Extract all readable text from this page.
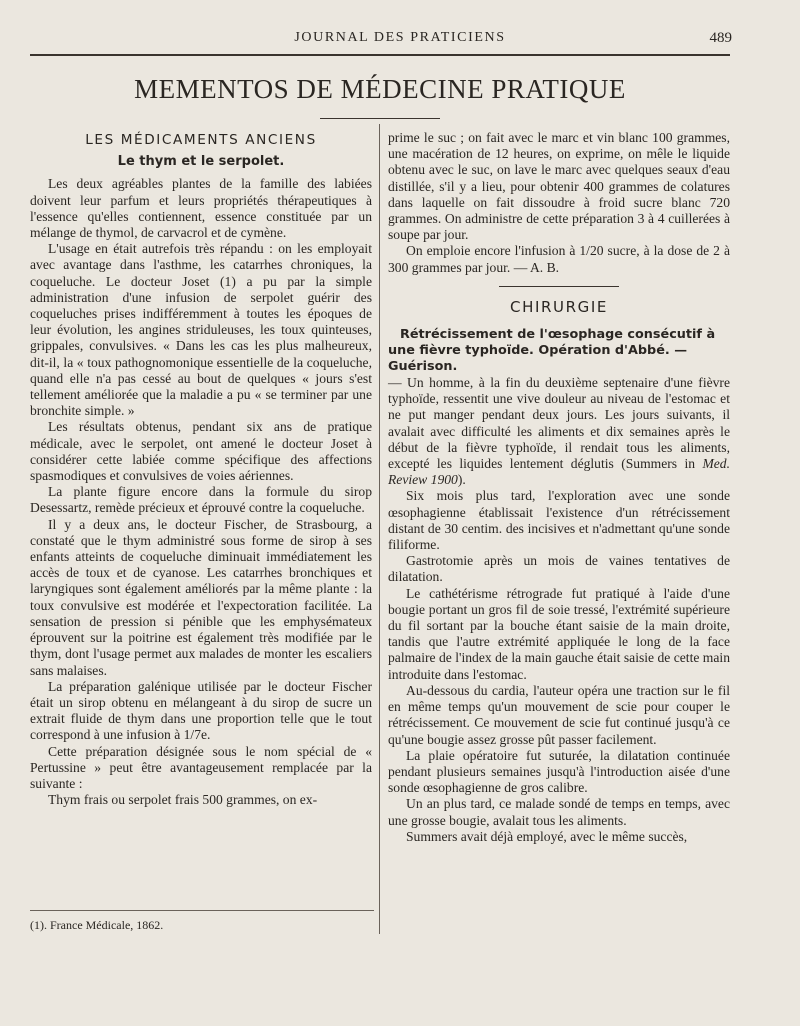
JOURNAL DES PRATICIENS	489
MEMENTOS DE MÉDECINE PRATIQUE
LES MÉDICAMENTS ANCIENS
Le thym et le serpolet.

Les deux agréables plantes de la famille des labiées doivent leur parfum et leurs propriétés thérapeutiques à l'essence qu'elles contiennent, essence constituée par un mélange de thymol, de carvacrol et de cymène.

L'usage en était autrefois très répandu : on les employait avec avantage dans l'asthme, les catarrhes chroniques, la coqueluche. Le docteur Joset (1) a pu par la simple administration d'une infusion de serpolet guérir des coqueluches prises indifféremment à toutes les époques de leur évolution, les angines striduleuses, les toux quinteuses, grippales, convulsives. « Dans les cas les plus malheureux, dit-il, la « toux pathognomonique essentielle de la coqueluche, quand elle n'a pas cessé au bout de quelques « jours s'est tellement améliorée que la maladie a pu « se terminer par une bronchite simple. »

Les résultats obtenus, pendant six ans de pratique médicale, avec le serpolet, ont amené le docteur Joset à considérer cette labiée comme spécifique des affections spasmodiques et convulsives de voies aériennes.

La plante figure encore dans la formule du sirop Desessartz, remède précieux et éprouvé contre la coqueluche.

Il y a deux ans, le docteur Fischer, de Strasbourg, a constaté que le thym administré sous forme de sirop à ses enfants atteints de coqueluche diminuait immédiatement les accès de toux et de cyanose. Les catarrhes bronchiques et laryngiques sont également améliorés par la même plante : la toux convulsive est modérée et l'expectoration facilitée. La sensation de pression si pénible que les emphysémateux éprouvent sur la poitrine est également très modifiée par le thym, dont l'usage permet aux malades de monter les escaliers sans malaises.

La préparation galénique utilisée par le docteur Fischer était un sirop obtenu en mélangeant à du sirop de sucre un extrait fluide de thym dans une proportion telle que le tout correspond à une infusion à 1/7e.

Cette préparation désignée sous le nom spécial de « Pertussine » peut être avantageusement remplacée par la suivante :

Thym frais ou serpolet frais 500 grammes, on ex-

(1). France Médicale, 1862.

prime le suc ; on fait avec le marc et vin blanc 100 grammes, une macération de 12 heures, on exprime, on mêle le liquide obtenu avec le suc, on lave le marc avec quelques seaux d'eau distillée, s'il y a lieu, pour obtenir 400 grammes de colatures dans laquelle on fait dissoudre à froid sucre blanc 720 grammes. On administre de cette préparation 3 à 4 cuillerées à soupe par jour.

On emploie encore l'infusion à 1/20 sucre, à la dose de 2 à 300 grammes par jour. — A. B.

CHIRURGIE
Rétrécissement de l'œsophage consécutif à une fièvre typhoïde. Opération d'Abbé. — Guérison.

— Un homme, à la fin du deuxième septenaire d'une fièvre typhoïde, ressentit une vive douleur au niveau de l'estomac et ne put manger pendant deux jours. Les jours suivants, il avalait avec difficulté les aliments et dix semaines après le début de la fièvre typhoïde, il rendait tous les aliments, excepté les liquides lentement déglutis (Summers in Med. Review 1900).

Six mois plus tard, l'exploration avec une sonde œsophagienne établissait l'existence d'un rétrécissement distant de 30 centim. des incisives et n'admettant qu'une sonde filiforme.

Gastrotomie après un mois de vaines tentatives de dilatation.

Le cathétérisme rétrograde fut pratiqué à l'aide d'une bougie portant un gros fil de soie tressé, l'extrémité supérieure du fil sortant par la bouche étant saisie de la main droite, tandis que l'autre extrémité appliquée le long de la face palmaire de l'index de la main gauche était saisie de cette main introduite dans l'estomac.

Au-dessous du cardia, l'auteur opéra une traction sur le fil en même temps qu'un mouvement de scie pour couper le rétrécissement. Ce mouvement de scie fut continué jusqu'à ce qu'une bougie assez grosse pût passer facilement.

La plaie opératoire fut suturée, la dilatation continuée pendant plusieurs semaines jusqu'à l'introduction aisée d'une sonde œsophagienne de gros calibre.

Un an plus tard, ce malade sondé de temps en temps, avec une grosse bougie, avalait tous les aliments.

Summers avait déjà employé, avec le même succès,
